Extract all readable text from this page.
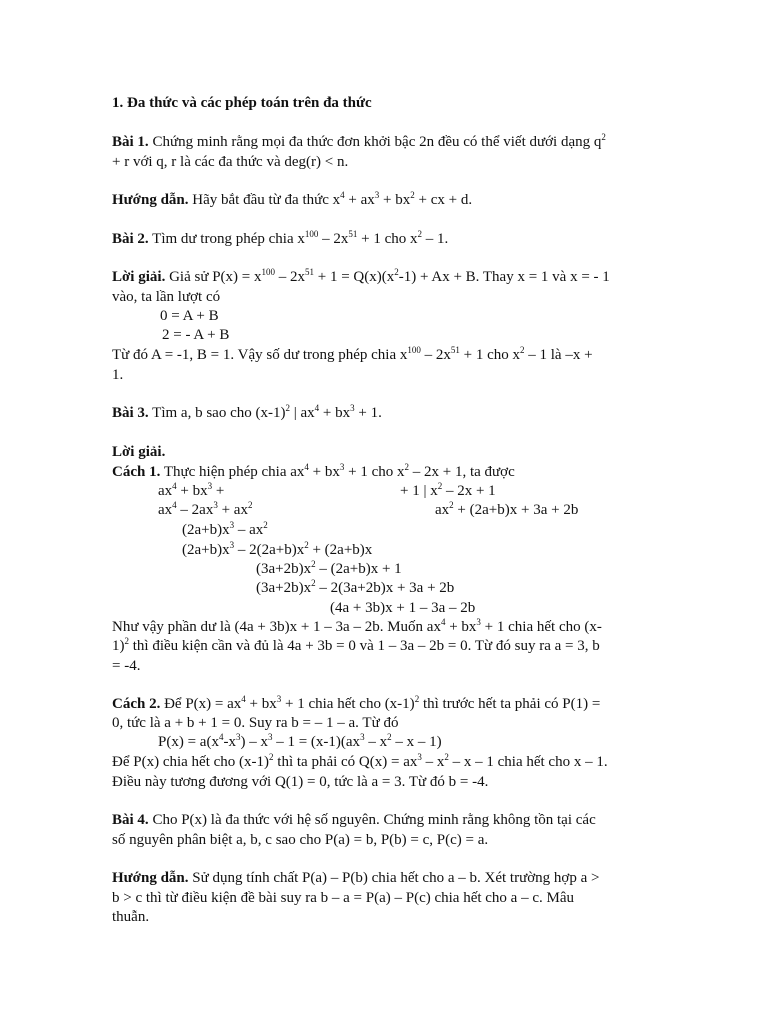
1. Đa thức và các phép toán trên đa thức
Bài 1. Chứng minh rằng mọi đa thức đơn khởi bậc 2n đều có thể viết dưới dạng $q^2$
+ r với q, r là các đa thức và deg(r) < n.
Hướng dẫn. Hãy bắt đầu từ đa thức $x^4 + ax^3 + bx^2$ + cx + d.
Bài 2. Tìm dư trong phép chia $x^{100} - 2x^{51} + 1$ cho $x^2 - 1$.
Lời giải. Giả sử $P(x) = x^{100} - 2x^{51} + 1 = Q(x)(x^2-1) + Ax + B$. Thay x = 1 và x = - 1
vào, ta lần lượt có
0 = A + B
2 = - A + B
Từ đó A = -1, B = 1. Vậy số dư trong phép chia $x^{100} - 2x^{51} + 1$ cho $x^2 - 1$ là –x +
1.
Bài 3. Tìm a, b sao cho $(x-1)^2$ | $ax^4 + bx^3 + 1$.
Lời giải.
Cách 1. Thực hiện phép chia $ax^4 + bx^3 + 1$ cho $x^2 - 2x + 1$, ta được
$ax^4 + bx^3$ +	+ 1 | $x^2 - 2x + 1$
$ax^4 - 2ax^3 + ax^2$	$ax^2 + (2a+b)x + 3a + 2b$
$(2a+b)x^3 - ax^2$
$(2a+b)x^3 - 2(2a+b)x^2 + (2a+b)x$
$(3a+2b)x^2 - (2a+b)x + 1$
$(3a+2b)x^2 - 2(3a+2b)x + 3a + 2b$
(4a + 3b)x + 1 – 3a – 2b
Như vậy phần dư là (4a + 3b)x + 1 – 3a – 2b. Muốn $ax^4 + bx^3 + 1$ chia hết cho (x-
1)$^2$ thì điều kiện cần và đủ là 4a + 3b = 0 và 1 – 3a – 2b = 0. Từ đó suy ra a = 3, b
= -4.
Cách 2. Để $P(x) = ax^4 + bx^3 + 1$ chia hết cho $(x-1)^2$ thì trước hết ta phải có P(1) =
0, tức là a + b + 1 = 0. Suy ra b = – 1 – a. Từ đó
$P(x) = a(x^4-x^3) - x^3 - 1 = (x-1)(ax^3 - x^2 - x - 1)$
Để P(x) chia hết cho $(x-1)^2$ thì ta phải có $Q(x) = ax^3 - x^2 - x - 1$ chia hết cho x – 1.
Điều này tương đương với Q(1) = 0, tức là a = 3. Từ đó b = -4.
Bài 4. Cho P(x) là đa thức với hệ số nguyên. Chứng minh rằng không tồn tại các
số nguyên phân biệt a, b, c sao cho P(a) = b, P(b) = c, P(c) = a.
Hướng dẫn. Sử dụng tính chất P(a) – P(b) chia hết cho a – b. Xét trường hợp a >
b > c thì từ điều kiện đề bài suy ra b – a = P(a) – P(c) chia hết cho a – c. Mâu
thuẫn.
